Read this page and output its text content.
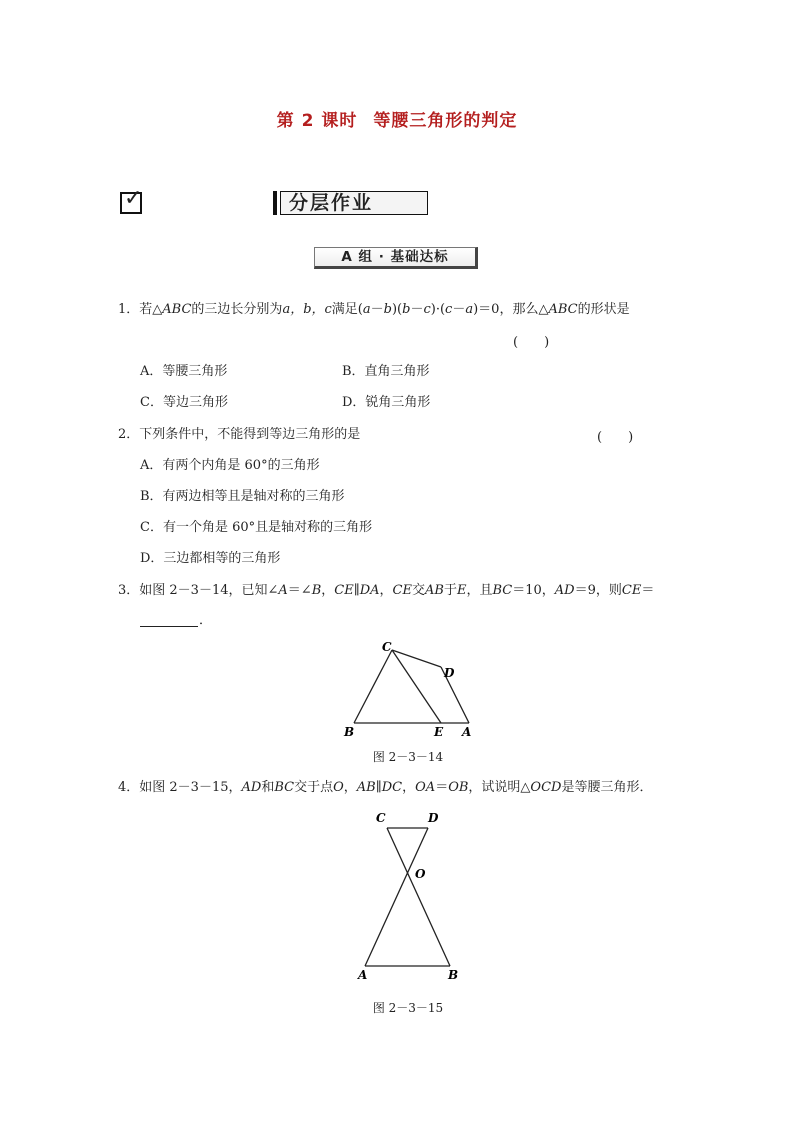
第 2 课时 等腰三角形的判定
✓	分层作业
A 组 · 基础达标
1．若△ABC的三边长分别为a，b，c满足(a－b)(b－c)·(c－a)＝0，那么△ABC的形状是
(　　)
A．等腰三角形	B．直角三角形
C．等边三角形	D．锐角三角形
2．下列条件中，不能得到等边三角形的是	(　　)
A．有两个内角是 60°的三角形
B．有两边相等且是轴对称的三角形
C．有一个角是 60°且是轴对称的三角形
D．三边都相等的三角形
3．如图 2－3－14，已知∠A＝∠B，CE∥DA，CE交AB于E，且BC＝10，AD＝9，则CE＝
．
C
D
B	E A
图 2－3－14
4．如图 2－3－15，AD和BC交于点O，AB∥DC，OA＝OB，试说明△OCD是等腰三角形．
C	D
O
A	B
图 2－3－15
